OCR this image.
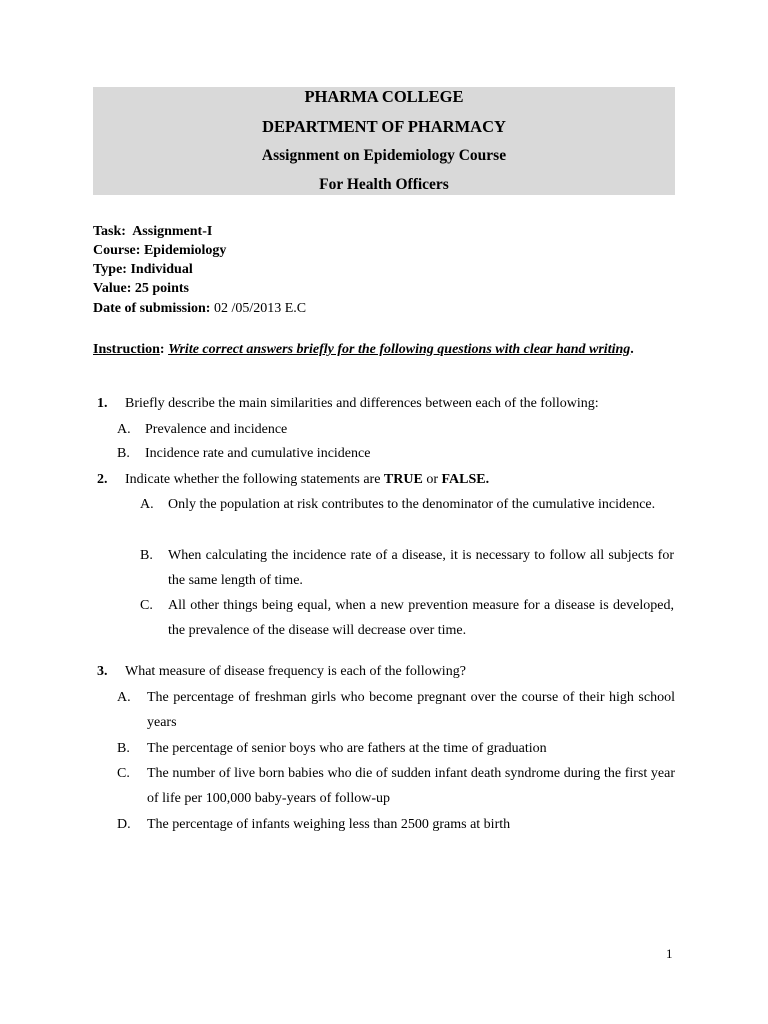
PHARMA COLLEGE
DEPARTMENT OF PHARMACY
Assignment on Epidemiology Course
For Health Officers
Task: Assignment-I
Course: Epidemiology
Type: Individual
Value: 25 points
Date of submission: 02 /05/2013 E.C
Instruction: Write correct answers briefly for the following questions with clear hand writing.
1. Briefly describe the main similarities and differences between each of the following:
A. Prevalence and incidence
B. Incidence rate and cumulative incidence
2. Indicate whether the following statements are TRUE or FALSE.
A. Only the population at risk contributes to the denominator of the cumulative incidence.
B. When calculating the incidence rate of a disease, it is necessary to follow all subjects for the same length of time.
C. All other things being equal, when a new prevention measure for a disease is developed, the prevalence of the disease will decrease over time.
3. What measure of disease frequency is each of the following?
A. The percentage of freshman girls who become pregnant over the course of their high school years
B. The percentage of senior boys who are fathers at the time of graduation
C. The number of live born babies who die of sudden infant death syndrome during the first year of life per 100,000 baby-years of follow-up
D. The percentage of infants weighing less than 2500 grams at birth
1
